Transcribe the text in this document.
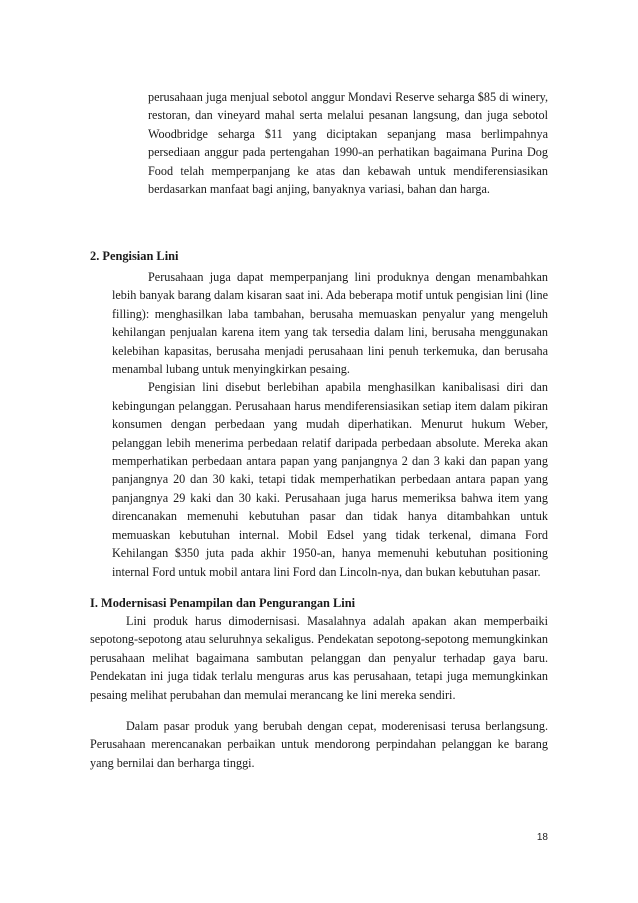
perusahaan juga menjual sebotol anggur Mondavi Reserve seharga $85 di winery, restoran, dan vineyard mahal serta melalui pesanan langsung, dan juga sebotol Woodbridge seharga $11 yang diciptakan sepanjang masa berlimpahnya persediaan anggur pada pertengahan 1990-an perhatikan bagaimana Purina Dog Food telah memperpanjang ke atas dan kebawah untuk mendiferensiasikan berdasarkan manfaat bagi anjing, banyaknya variasi, bahan dan harga.

2. Pengisian Lini

Perusahaan juga dapat memperpanjang lini produknya dengan menambahkan lebih banyak barang dalam kisaran saat ini. Ada beberapa motif untuk pengisian lini (line filling): menghasilkan laba tambahan, berusaha memuaskan penyalur yang mengeluh kehilangan penjualan karena item yang tak tersedia dalam lini, berusaha menggunakan kelebihan kapasitas, berusaha menjadi perusahaan lini penuh terkemuka, dan berusaha menambal lubang untuk menyingkirkan pesaing.

Pengisian lini disebut berlebihan apabila menghasilkan kanibalisasi diri dan kebingungan pelanggan. Perusahaan harus mendiferensiasikan setiap item dalam pikiran konsumen dengan perbedaan yang mudah diperhatikan. Menurut hukum Weber, pelanggan lebih menerima perbedaan relatif daripada perbedaan absolute. Mereka akan memperhatikan perbedaan antara papan yang panjangnya 2 dan 3 kaki dan papan yang panjangnya 20 dan 30 kaki, tetapi tidak memperhatikan perbedaan antara papan yang panjangnya 29 kaki dan 30 kaki. Perusahaan juga harus memeriksa bahwa item yang direncanakan memenuhi kebutuhan pasar dan tidak hanya ditambahkan untuk memuaskan kebutuhan internal. Mobil Edsel yang tidak terkenal, dimana Ford Kehilangan $350 juta pada akhir 1950-an, hanya memenuhi kebutuhan positioning internal Ford untuk mobil antara lini Ford dan Lincoln-nya, dan bukan kebutuhan pasar.

I. Modernisasi Penampilan dan Pengurangan Lini

Lini produk harus dimodernisasi. Masalahnya adalah apakan akan memperbaiki sepotong-sepotong atau seluruhnya sekaligus. Pendekatan sepotong-sepotong memungkinkan perusahaan melihat bagaimana sambutan pelanggan dan penyalur terhadap gaya baru. Pendekatan ini juga tidak terlalu menguras arus kas perusahaan, tetapi juga memungkinkan pesaing melihat perubahan dan memulai merancang ke lini mereka sendiri.

Dalam pasar produk yang berubah dengan cepat, moderenisasi terusa berlangsung. Perusahaan merencanakan perbaikan untuk mendorong perpindahan pelanggan ke barang yang bernilai dan berharga tinggi.

18
